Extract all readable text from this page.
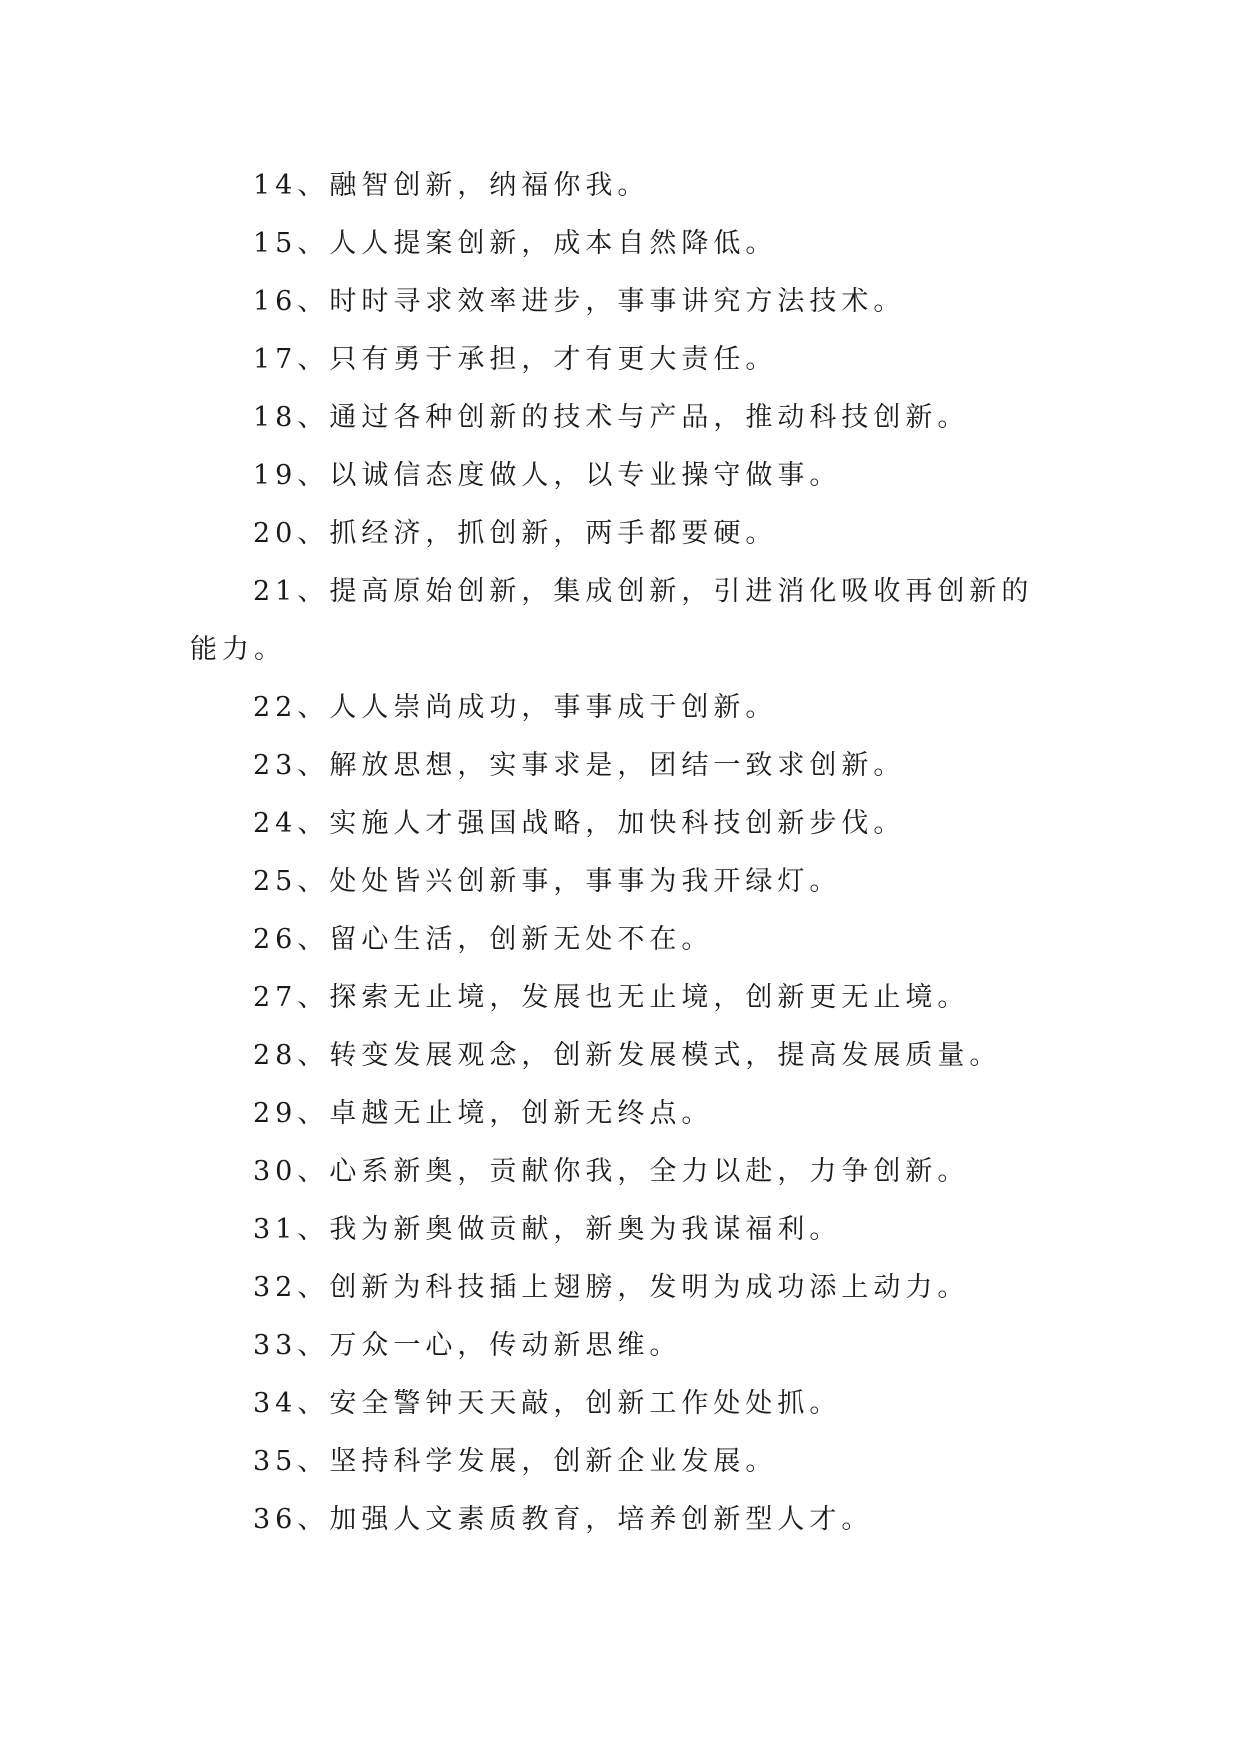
14、融智创新，纳福你我。

15、人人提案创新，成本自然降低。

16、时时寻求效率进步，事事讲究方法技术。

17、只有勇于承担，才有更大责任。

18、通过各种创新的技术与产品，推动科技创新。

19、以诚信态度做人，以专业操守做事。

20、抓经济，抓创新，两手都要硬。

21、提高原始创新，集成创新，引进消化吸收再创新的能力。

22、人人崇尚成功，事事成于创新。

23、解放思想，实事求是，团结一致求创新。

24、实施人才强国战略，加快科技创新步伐。

25、处处皆兴创新事，事事为我开绿灯。

26、留心生活，创新无处不在。

27、探索无止境，发展也无止境，创新更无止境。

28、转变发展观念，创新发展模式，提高发展质量。

29、卓越无止境，创新无终点。

30、心系新奥，贡献你我，全力以赴，力争创新。

31、我为新奥做贡献，新奥为我谋福利。

32、创新为科技插上翅膀，发明为成功添上动力。

33、万众一心，传动新思维。

34、安全警钟天天敲，创新工作处处抓。

35、坚持科学发展，创新企业发展。

36、加强人文素质教育，培养创新型人才。
